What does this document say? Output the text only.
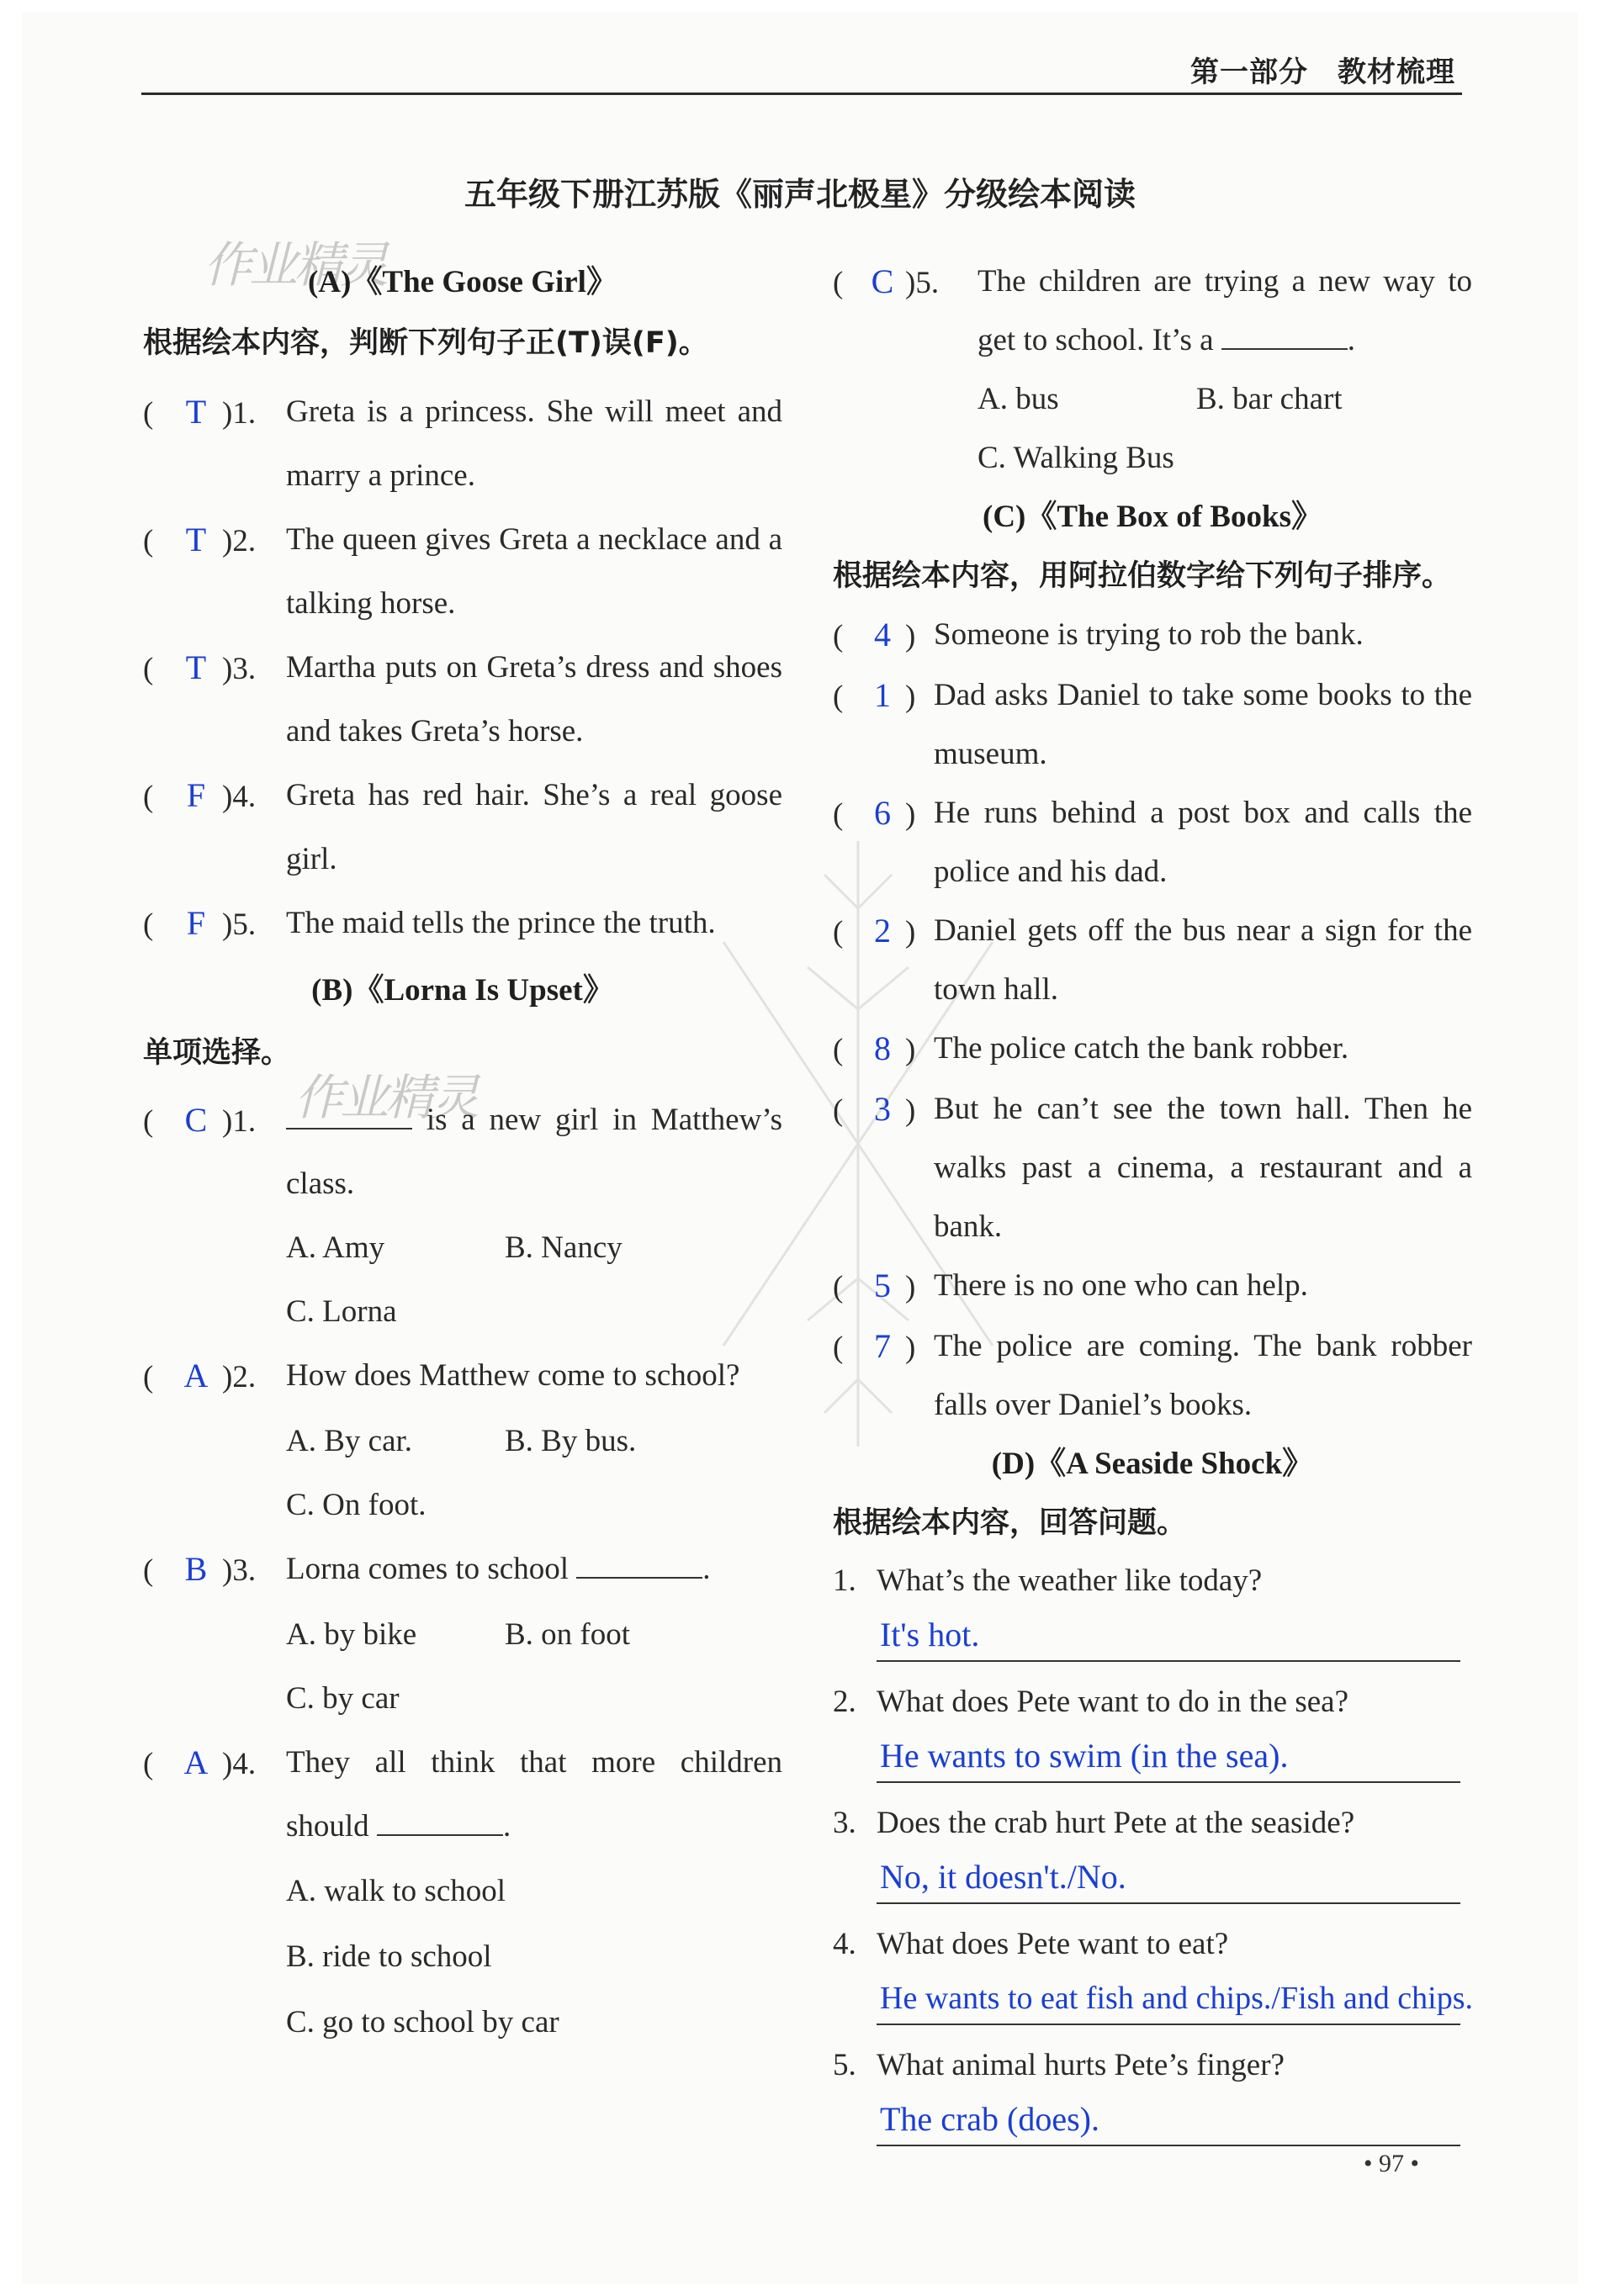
第一部分　教材梳理
作业精灵
作业精灵
五年级下册江苏版《丽声北极星》分级绘本阅读
(A)《The Goose Girl》
根据绘本内容，判断下列句子正(T)误(F)。
( T )1. Greta is a princess. She will meet and marry a prince.
( T )2. The queen gives Greta a necklace and a talking horse.
( T )3. Martha puts on Greta’s dress and shoes and takes Greta’s horse.
( F )4. Greta has red hair. She’s a real goose girl.
( F )5. The maid tells the prince the truth.
(B)《Lorna Is Upset》
单项选择。
( C )1.	is a new girl in Matthew’s class.
A. Amy	B. Nancy
C. Lorna
( A )2. How does Matthew come to school?
A. By car.	B. By bus.
C. On foot.
( B )3. Lorna comes to school	.
A. by bike	B. on foot
C. by car
( A )4. They all think that more children should	.
A. walk to school
B. ride to school
C. go to school by car
( C )5.	The children are trying a new way to get to school. It’s a	.
A. bus	B. bar chart
C. Walking Bus
(C)《The Box of Books》
根据绘本内容，用阿拉伯数字给下列句子排序。
( 4 ) Someone is trying to rob the bank.
( 1 ) Dad asks Daniel to take some books to the museum.
( 6 ) He runs behind a post box and calls the police and his dad.
( 2 ) Daniel gets off the bus near a sign for the town hall.
( 8 ) The police catch the bank robber.
( 3 ) But he can’t see the town hall. Then he walks past a cinema, a restaurant and a bank.
( 5 ) There is no one who can help.
( 7 ) The police are coming. The bank robber falls over Daniel’s books.
(D)《A Seaside Shock》
根据绘本内容，回答问题。
1. What’s the weather like today?
It's hot.
2. What does Pete want to do in the sea?
He wants to swim (in the sea).
3. Does the crab hurt Pete at the seaside?
No, it doesn't./No.
4. What does Pete want to eat?
He wants to eat fish and chips./Fish and chips.
5. What animal hurts Pete’s finger?
The crab (does).
• 97 •
